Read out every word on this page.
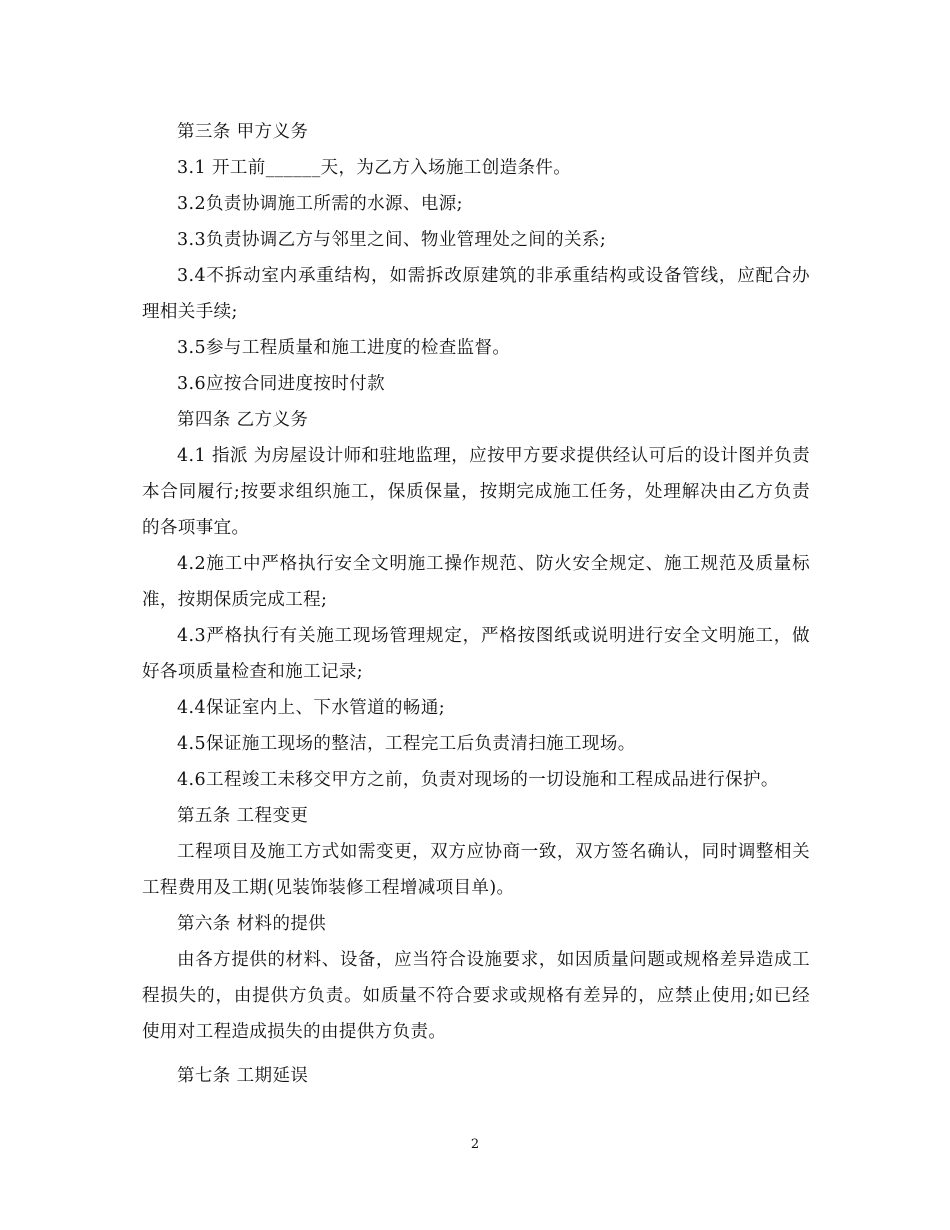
第三条 甲方义务

3.1 开工前______天，为乙方入场施工创造条件。

3.2负责协调施工所需的水源、电源;

3.3负责协调乙方与邻里之间、物业管理处之间的关系;

3.4不拆动室内承重结构，如需拆改原建筑的非承重结构或设备管线，应配合办理相关手续;

3.5参与工程质量和施工进度的检查监督。

3.6应按合同进度按时付款

第四条 乙方义务

4.1 指派 为房屋设计师和驻地监理，应按甲方要求提供经认可后的设计图并负责本合同履行;按要求组织施工，保质保量，按期完成施工任务，处理解决由乙方负责的各项事宜。

4.2施工中严格执行安全文明施工操作规范、防火安全规定、施工规范及质量标准，按期保质完成工程;

4.3严格执行有关施工现场管理规定，严格按图纸或说明进行安全文明施工，做好各项质量检查和施工记录;

4.4保证室内上、下水管道的畅通;

4.5保证施工现场的整洁，工程完工后负责清扫施工现场。

4.6工程竣工未移交甲方之前，负责对现场的一切设施和工程成品进行保护。

第五条 工程变更

工程项目及施工方式如需变更，双方应协商一致，双方签名确认，同时调整相关工程费用及工期(见装饰装修工程增减项目单)。

第六条 材料的提供

由各方提供的材料、设备，应当符合设施要求，如因质量问题或规格差异造成工程损失的，由提供方负责。如质量不符合要求或规格有差异的，应禁止使用;如已经使用对工程造成损失的由提供方负责。

第七条 工期延误

2
